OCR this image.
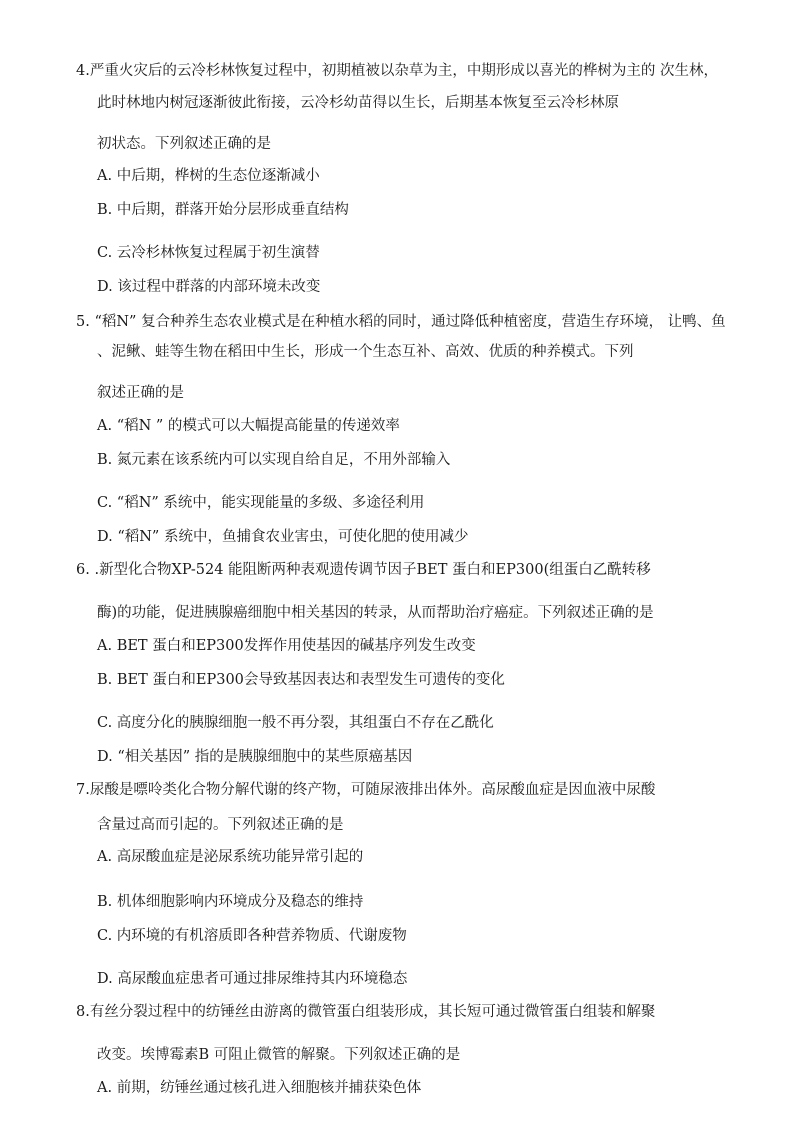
4.严重火灾后的云冷杉林恢复过程中，初期植被以杂草为主，中期形成以喜光的桦树为主的 次生林，
此时林地内树冠逐渐彼此衔接，云冷杉幼苗得以生长，后期基本恢复至云冷杉林原
初状态。下列叙述正确的是
A. 中后期，桦树的生态位逐渐减小
B. 中后期，群落开始分层形成垂直结构
C. 云冷杉林恢复过程属于初生演替
D. 该过程中群落的内部环境未改变
5. “稻N” 复合种养生态农业模式是在种植水稻的同时，通过降低种植密度，营造生存环境， 让鸭、鱼
、泥鳅、蛙等生物在稻田中生长，形成一个生态互补、高效、优质的种养模式。下列
叙述正确的是
A. “稻N ” 的模式可以大幅提高能量的传递效率
B. 氮元素在该系统内可以实现自给自足，不用外部输入
C. “稻N” 系统中，能实现能量的多级、多途径利用
D. “稻N” 系统中，鱼捕食农业害虫，可使化肥的使用减少
6. .新型化合物XP-524 能阻断两种表观遗传调节因子BET 蛋白和EP300(组蛋白乙酰转移
酶)的功能，促进胰腺癌细胞中相关基因的转录，从而帮助治疗癌症。下列叙述正确的是
A. BET 蛋白和EP300发挥作用使基因的碱基序列发生改变
B. BET 蛋白和EP300会导致基因表达和表型发生可遗传的变化
C. 高度分化的胰腺细胞一般不再分裂，其组蛋白不存在乙酰化
D. “相关基因” 指的是胰腺细胞中的某些原癌基因
7.尿酸是嘌呤类化合物分解代谢的终产物，可随尿液排出体外。高尿酸血症是因血液中尿酸
含量过高而引起的。下列叙述正确的是
A. 高尿酸血症是泌尿系统功能异常引起的
B. 机体细胞影响内环境成分及稳态的维持
C. 内环境的有机溶质即各种营养物质、代谢废物
D. 高尿酸血症患者可通过排尿维持其内环境稳态
8.有丝分裂过程中的纺锤丝由游离的微管蛋白组装形成，其长短可通过微管蛋白组装和解聚
改变。埃博霉素B 可阻止微管的解聚。下列叙述正确的是
A. 前期，纺锤丝通过核孔进入细胞核并捕获染色体
